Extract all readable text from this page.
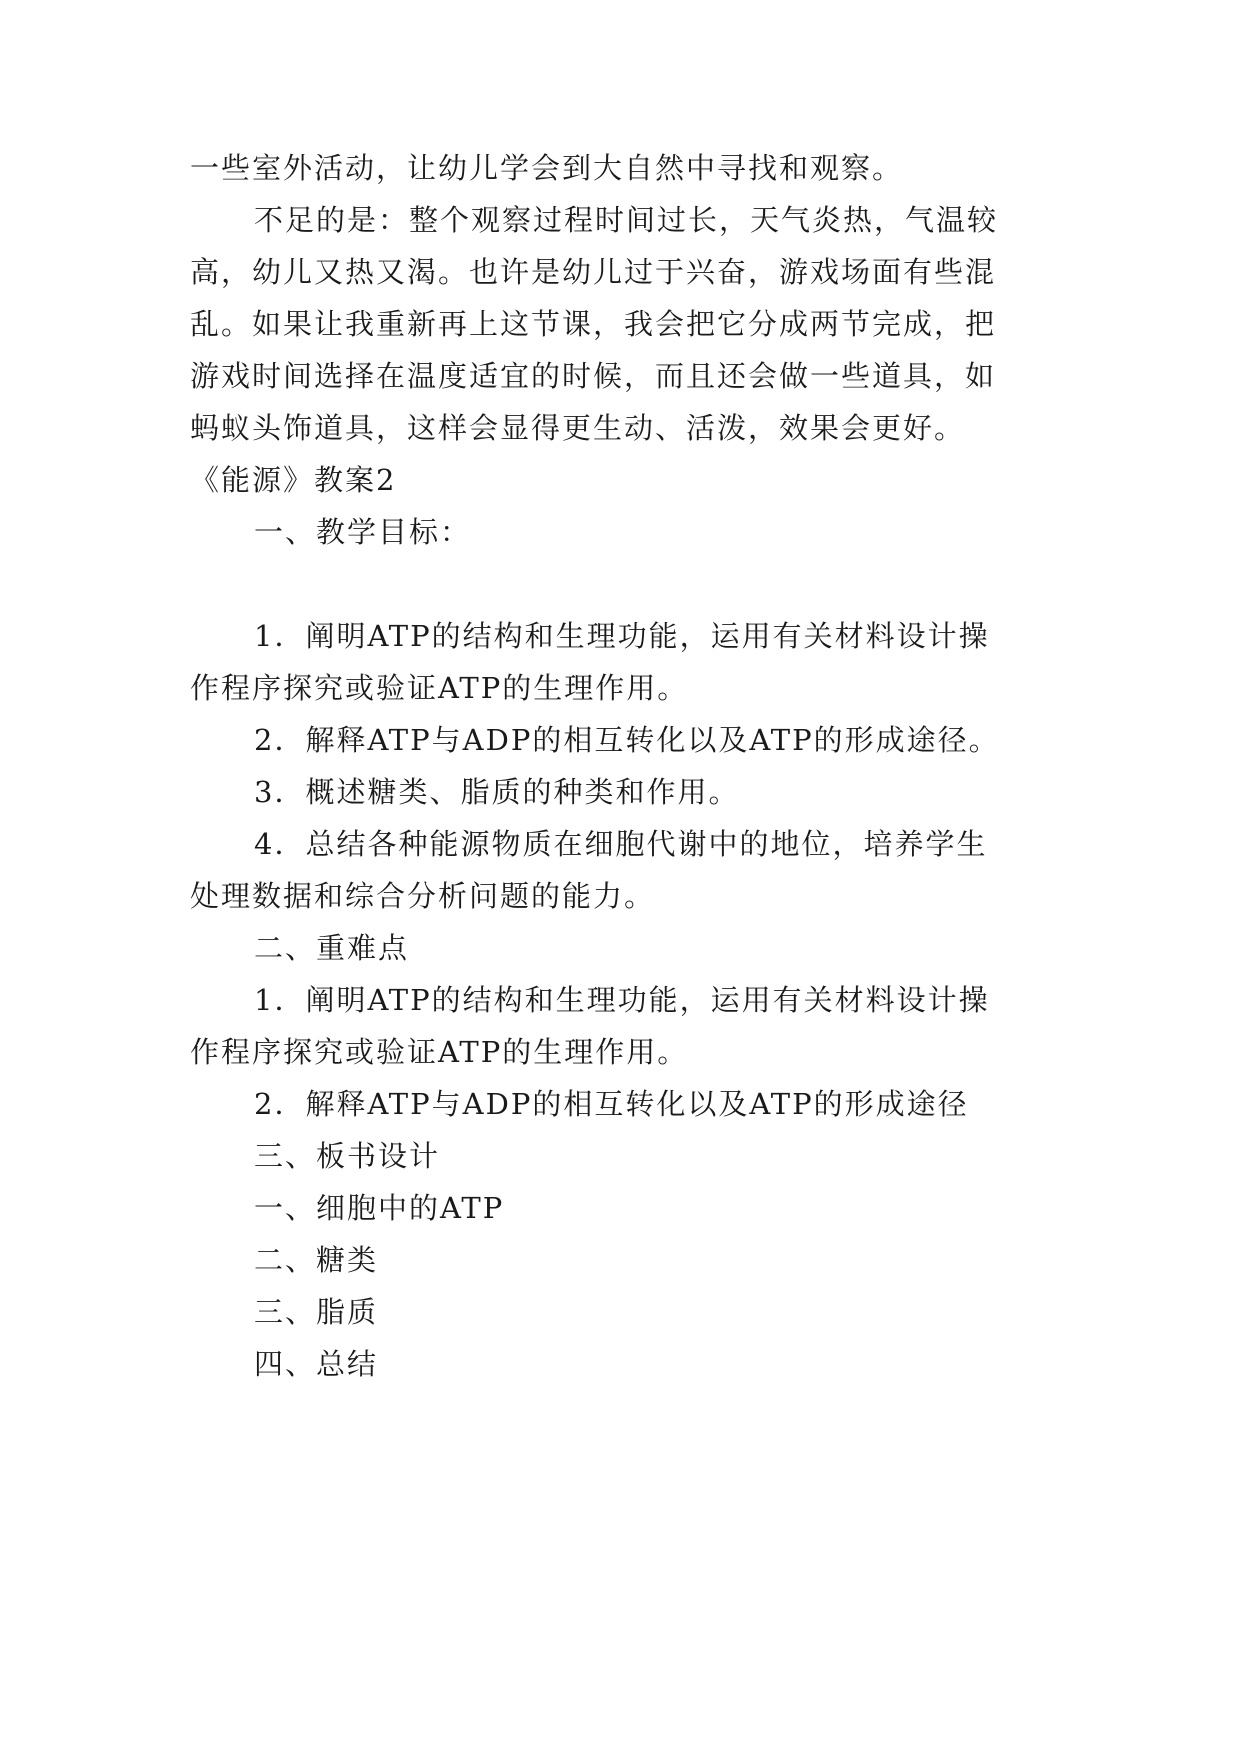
一些室外活动，让幼儿学会到大自然中寻找和观察。

不足的是：整个观察过程时间过长，天气炎热，气温较

高，幼儿又热又渴。也许是幼儿过于兴奋，游戏场面有些混

乱。如果让我重新再上这节课，我会把它分成两节完成，把

游戏时间选择在温度适宜的时候，而且还会做一些道具，如

蚂蚁头饰道具，这样会显得更生动、活泼，效果会更好。

《能源》教案2

一、教学目标：

1．阐明ATP的结构和生理功能，运用有关材料设计操

作程序探究或验证ATP的生理作用。

2．解释ATP与ADP的相互转化以及ATP的形成途径。

3．概述糖类、脂质的种类和作用。

4．总结各种能源物质在细胞代谢中的地位，培养学生

处理数据和综合分析问题的能力。

二、重难点

1．阐明ATP的结构和生理功能，运用有关材料设计操

作程序探究或验证ATP的生理作用。

2．解释ATP与ADP的相互转化以及ATP的形成途径

三、板书设计

一、细胞中的ATP

二、糖类

三、脂质

四、总结
